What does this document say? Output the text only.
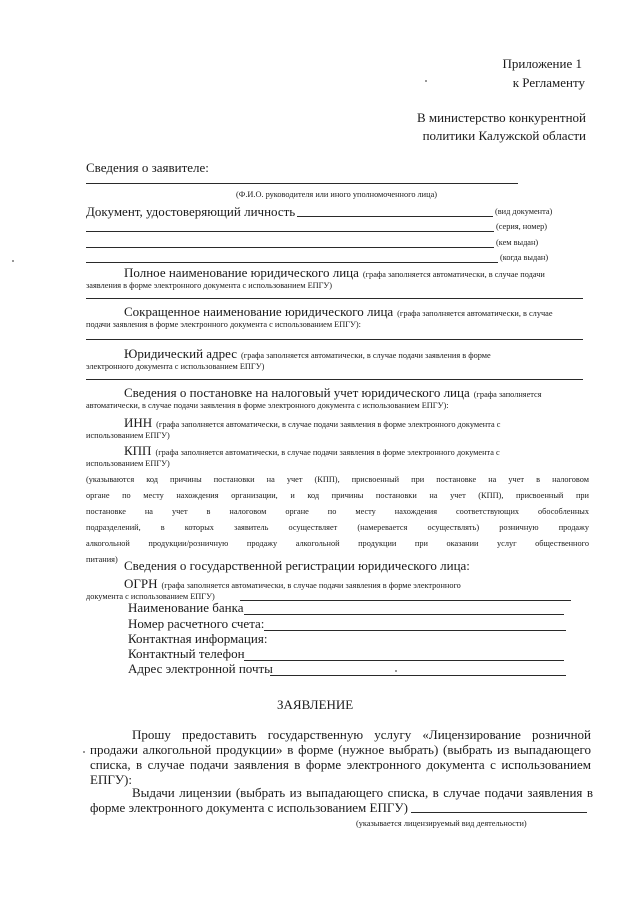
Приложение 1
к Регламенту
В министерство конкурентной
политики Калужской области
Сведения о заявителе:
(Ф.И.О. руководителя или иного уполномоченного лица)
Документ, удостоверяющий личность	(вид документа)
(серия, номер)
(кем выдан)
(когда выдан)
Полное наименование юридического лица (графа заполняется автоматически, в случае подачи
заявления в форме электронного документа с использованием ЕПГУ)
Сокращенное наименование юридического лица (графа заполняется автоматически, в случае
подачи заявления в форме электронного документа с использованием ЕПГУ):
Юридический адрес (графа заполняется автоматически, в случае подачи заявления в форме
электронного документа с использованием ЕПГУ)
Сведения о постановке на налоговый учет юридического лица (графа заполняется
автоматически, в случае подачи заявления в форме электронного документа с использованием ЕПГУ):
ИНН (графа заполняется автоматически, в случае подачи заявления в форме электронного документа с
использованием ЕПГУ)
КПП (графа заполняется автоматически, в случае подачи заявления в форме электронного документа с
использованием ЕПГУ)
(указываются код причины постановки на учет (КПП), присвоенный при постановке на учет в налоговом
органе по месту нахождения организации, и код причины постановки на учет (КПП), присвоенный при
постановке на учет в налоговом органе по месту нахождения соответствующих обособленных
подразделений, в которых заявитель осуществляет (намеревается осуществлять) розничную продажу
алкогольной продукции/розничную продажу алкогольной продукции при оказании услуг общественного
питания) Сведения о государственной регистрации юридического лица:
ОГРН (графа заполняется автоматически, в случае подачи заявления в форме электронного
документа с использованием ЕПГУ)
Наименование банка
Номер расчетного счета:
Контактная информация:
Контактный телефон
Адрес электронной почты
ЗАЯВЛЕНИЕ
Прошу предоставить государственную услугу «Лицензирование розничной
продажи алкогольной продукции» в форме (нужное выбрать) (выбрать из выпадающего
списка, в случае подачи заявления в форме электронного документа с использованием
ЕПГУ):
Выдачи лицензии (выбрать из выпадающего списка, в случае подачи заявления в
форме электронного документа с использованием ЕПГУ)
(указывается лицензируемый вид деятельности)
